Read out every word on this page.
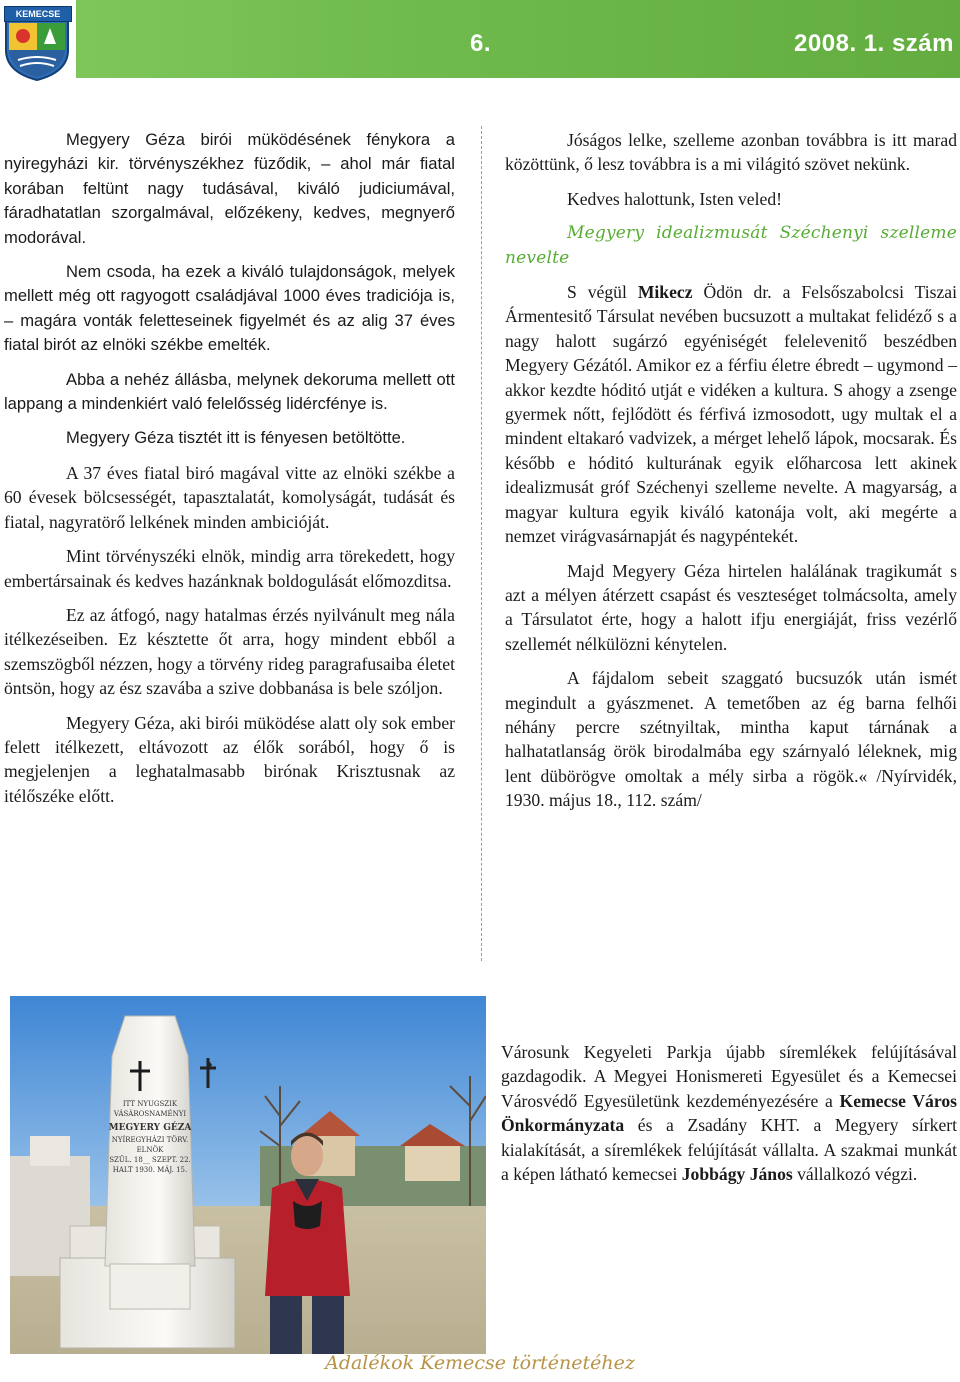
6.	2008. 1. szám
KEMECSE

Megyery Géza birói müködésének fénykora a nyiregyházi kir. törvényszékhez füződik, – ahol már fiatal korában feltünt nagy tudásával, kiváló judiciumával, fáradhatatlan szorgalmával, előzékeny, kedves, megnyerő modorával.

Nem csoda, ha ezek a kiváló tulajdonságok, melyek mellett még ott ragyogott családjával 1000 éves tradiciója is, – magára vonták feletteseinek figyelmét és az alig 37 éves fiatal birót az elnöki székbe emelték.

Abba a nehéz állásba, melynek dekoruma mellett ott lappang a mindenkiért való felelősség lidércfénye is.

Megyery Géza tisztét itt is fényesen betöltötte.

A 37 éves fiatal biró magával vitte az elnöki székbe a 60 évesek bölcsességét, tapasztalatát, komolyságát, tudását és fiatal, nagyratörő lelkének minden ambicióját.

Mint törvényszéki elnök, mindig arra törekedett, hogy embertársainak és kedves hazánknak boldogulását előmozditsa.

Ez az átfogó, nagy hatalmas érzés nyilvánult meg nála itélkezéseiben. Ez késztette őt arra, hogy mindent ebből a szemszögből nézzen, hogy a törvény rideg paragrafusaiba életet öntsön, hogy az ész szavába a szive dobbanása is bele szóljon.

Megyery Géza, aki birói müködése alatt oly sok ember felett itélkezett, eltávozott az élők sorából, hogy ő is megjelenjen a leghatalmasabb birónak Krisztusnak az itélőszéke előtt.

Jóságos lelke, szelleme azonban továbbra is itt marad közöttünk, ő lesz továbbra is a mi világitó szövet nekünk.

Kedves halottunk, Isten veled!

Megyery idealizmusát Széchenyi szelleme nevelte

S végül Mikecz Ödön dr. a Felsőszabolcsi Tiszai Ármentesitő Társulat nevében bucsuzott a multakat felidéző s a nagy halott sugárzó egyéniségét felelevenitő beszédben Megyery Gézától. Amikor ez a férfiu életre ébredt – ugymond – akkor kezdte hóditó utját e vidéken a kultura. S ahogy a zsenge gyermek nőtt, fejlődött és férfivá izmosodott, ugy multak el a mindent eltakaró vadvizek, a mérget lehelő lápok, mocsarak. És később e hóditó kulturának egyik előharcosa lett akinek idealizmusát gróf Széchenyi szelleme nevelte. A magyarság, a magyar kultura egyik kiváló katonája volt, aki megérte a nemzet virágvasárnapját és nagypéntekét.

Majd Megyery Géza hirtelen halálának tragikumát s azt a mélyen átérzett csapást és veszteséget tolmácsolta, amely a Társulatot érte, hogy a halott ifju energiáját, friss vezérlő szellemét nélkülözni kénytelen.

A fájdalom sebeit szaggató bucsuzók után ismét megindult a gyászmenet. A temetőben az ég barna felhői néhány percre szétnyiltak, mintha kaput tárnának a halhatatlanság örök birodalmába egy szárnyaló léleknek, mig lent dübörögve omoltak a mély sirba a rögök.« /Nyírvidék, 1930. május 18., 112. szám/

ITT NYUGSZIK
VÁSÁROSNAMÉNYI
MEGYERY GÉZA
NYÍREGYHÁZI TÖRV.
ELNÖK
SZÜL. 18__ SZEPT. 22.
HALT 1930. MÁJ. 15.
Városunk Kegyeleti Parkja újabb síremlékek felújításával gazdagodik. A Megyei Honismereti Egyesület és a Kemecsei Városvédő Egyesületünk kezdeményezésére a Kemecse Város Önkormányzata és a Zsadány KHT. a Megyery sírkert kialakítását, a síremlékek felújítását vállalta. A szakmai munkát a képen látható kemecsei Jobbágy János vállalkozó végzi.
Adalékok Kemecse történetéhez
